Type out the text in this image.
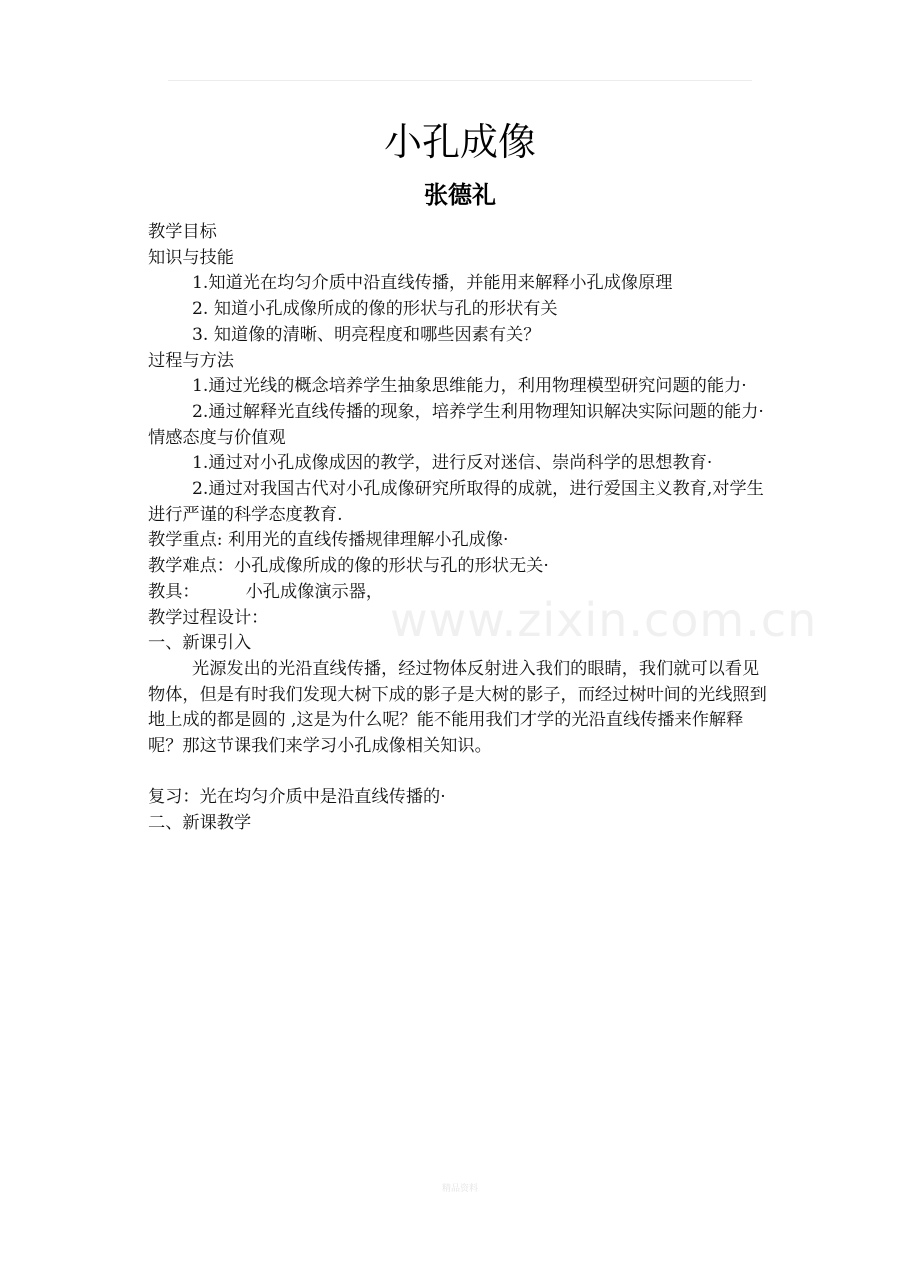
小孔成像
张德礼

教学目标

知识与技能

1.知道光在均匀介质中沿直线传播，并能用来解释小孔成像原理

2. 知道小孔成像所成的像的形状与孔的形状有关

3. 知道像的清晰、明亮程度和哪些因素有关？

过程与方法

1.通过光线的概念培养学生抽象思维能力，利用物理模型研究问题的能力·

2.通过解释光直线传播的现象，培养学生利用物理知识解决实际问题的能力·

情感态度与价值观

1.通过对小孔成像成因的教学，进行反对迷信、崇尚科学的思想教育·

2.通过对我国古代对小孔成像研究所取得的成就，进行爱国主义教育,对学生进行严谨的科学态度教育.

教学重点: 利用光的直线传播规律理解小孔成像·

教学难点：小孔成像所成的像的形状与孔的形状无关·

教具：	小孔成像演示器，

教学过程设计：

一、新课引入

光源发出的光沿直线传播，经过物体反射进入我们的眼睛，我们就可以看见物体，但是有时我们发现大树下成的影子是大树的影子，而经过树叶间的光线照到地上成的都是圆的 ,这是为什么呢？能不能用我们才学的光沿直线传播来作解释呢？那这节课我们来学习小孔成像相关知识。

复习：光在均匀介质中是沿直线传播的·

二、新课教学

www.zixin.com.cn
精品资料
